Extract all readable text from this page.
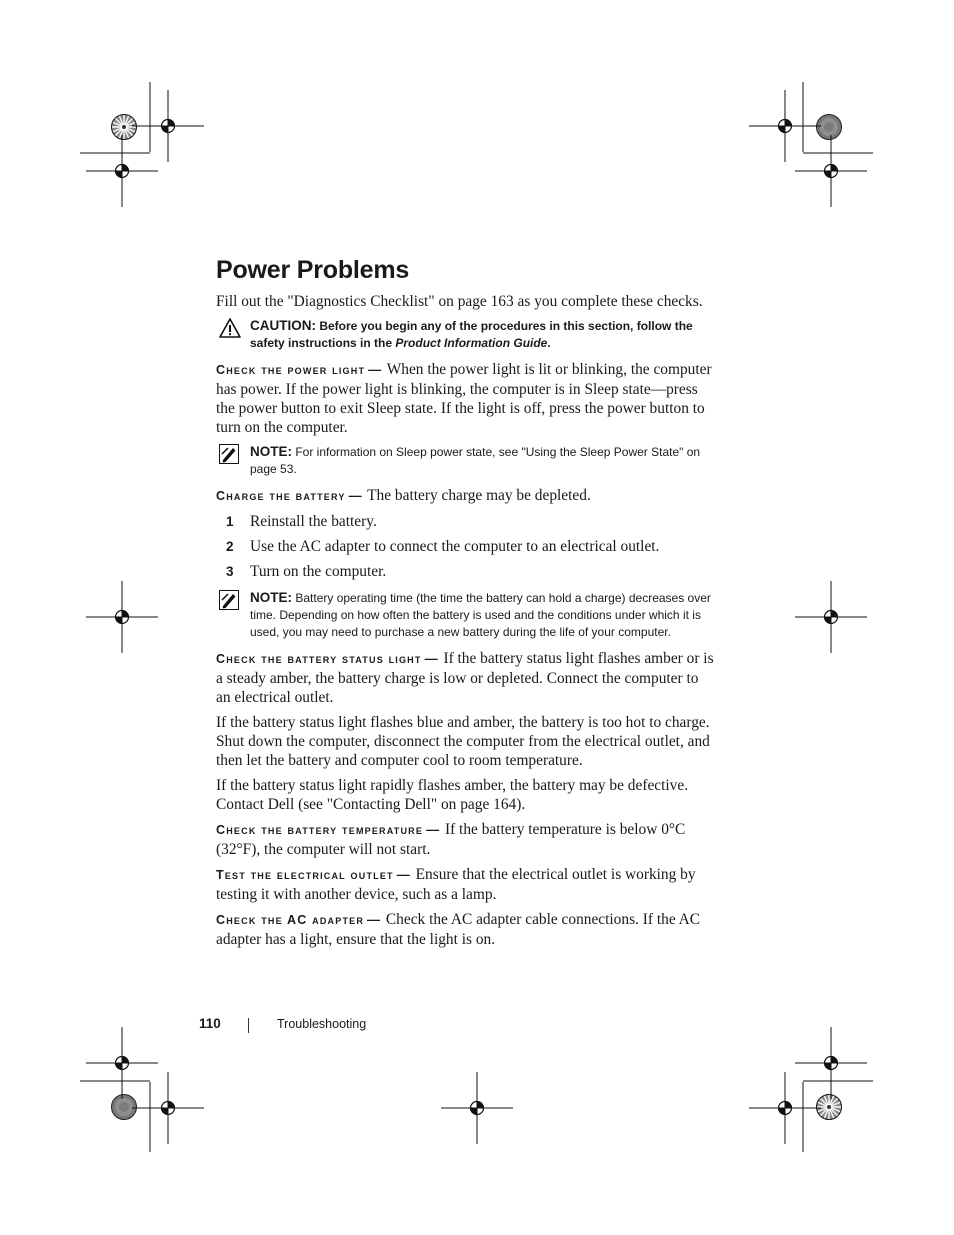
Power Problems

Fill out the "Diagnostics Checklist" on page 163 as you complete these checks.

CAUTION: Before you begin any of the procedures in this section, follow the safety instructions in the Product Information Guide.

Check the power light — When the power light is lit or blinking, the computer has power. If the power light is blinking, the computer is in Sleep state—press the power button to exit Sleep state. If the light is off, press the power button to turn on the computer.

NOTE: For information on Sleep power state, see "Using the Sleep Power State" on page 53.

Charge the battery — The battery charge may be depleted.

1 Reinstall the battery.
2 Use the AC adapter to connect the computer to an electrical outlet.
3 Turn on the computer.
NOTE: Battery operating time (the time the battery can hold a charge) decreases over time. Depending on how often the battery is used and the conditions under which it is used, you may need to purchase a new battery during the life of your computer.

Check the battery status light — If the battery status light flashes amber or is a steady amber, the battery charge is low or depleted. Connect the computer to an electrical outlet.

If the battery status light flashes blue and amber, the battery is too hot to charge. Shut down the computer, disconnect the computer from the electrical outlet, and then let the battery and computer cool to room temperature.

If the battery status light rapidly flashes amber, the battery may be defective. Contact Dell (see "Contacting Dell" on page 164).

Check the battery temperature — If the battery temperature is below 0°C (32°F), the computer will not start.

Test the electrical outlet — Ensure that the electrical outlet is working by testing it with another device, such as a lamp.

Check the AC adapter — Check the AC adapter cable connections. If the AC adapter has a light, ensure that the light is on.

110	Troubleshooting
